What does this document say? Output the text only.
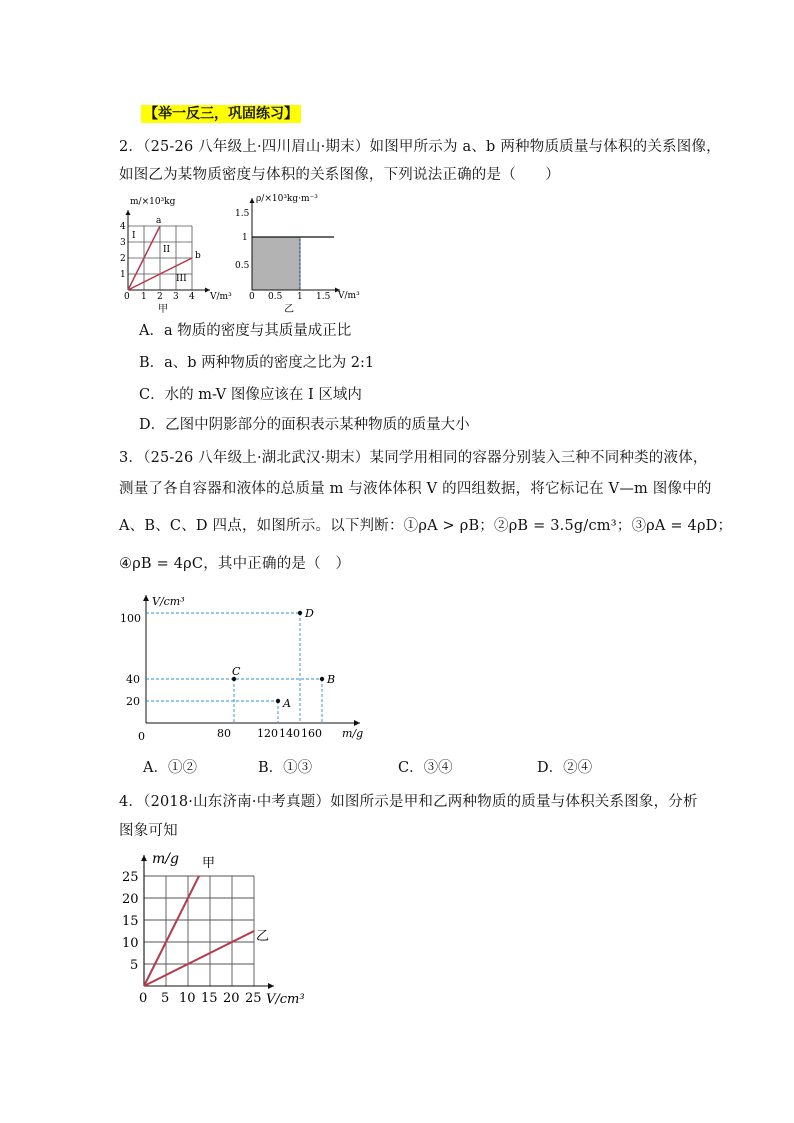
【举一反三，巩固练习】
2．（25-26 八年级上·四川眉山·期末）如图甲所示为 a、b 两种物质质量与体积的关系图像，
如图乙为某物质密度与体积的关系图像，下列说法正确的是（　　）
m/×10³kg
V/m³
1
2
3
4
0 1 2 3 4
I
II
III
a
b
甲
ρ/×10³kg·m⁻³
V/m³
0.5
1
1.5
0 0.5 1 1.5
乙
A．a 物质的密度与其质量成正比
B．a、b 两种物质的密度之比为 2:1
C．水的 m-V 图像应该在 I 区域内
D．乙图中阴影部分的面积表示某种物质的质量大小
3．（25-26 八年级上·湖北武汉·期末）某同学用相同的容器分别装入三种不同种类的液体，
测量了各自容器和液体的总质量 m 与液体体积 V 的四组数据，将它标记在 V—m 图像中的
A、B、C、D 四点，如图所示。以下判断：①ρA > ρB；②ρB = 3.5g/cm³；③ρA = 4ρD；
④ρB = 4ρC，其中正确的是（　）
A
B
C
D
V/cm³
m/g
0
20
40
100
80 120 140 160
A．①②	B．①③	C．③④	D．②④
4．（2018·山东济南·中考真题）如图所示是甲和乙两种物质的质量与体积关系图象，分析
图象可知
m/g
V/cm³
5
10
15
20
25
0 5 10 15 20 25
甲
乙
